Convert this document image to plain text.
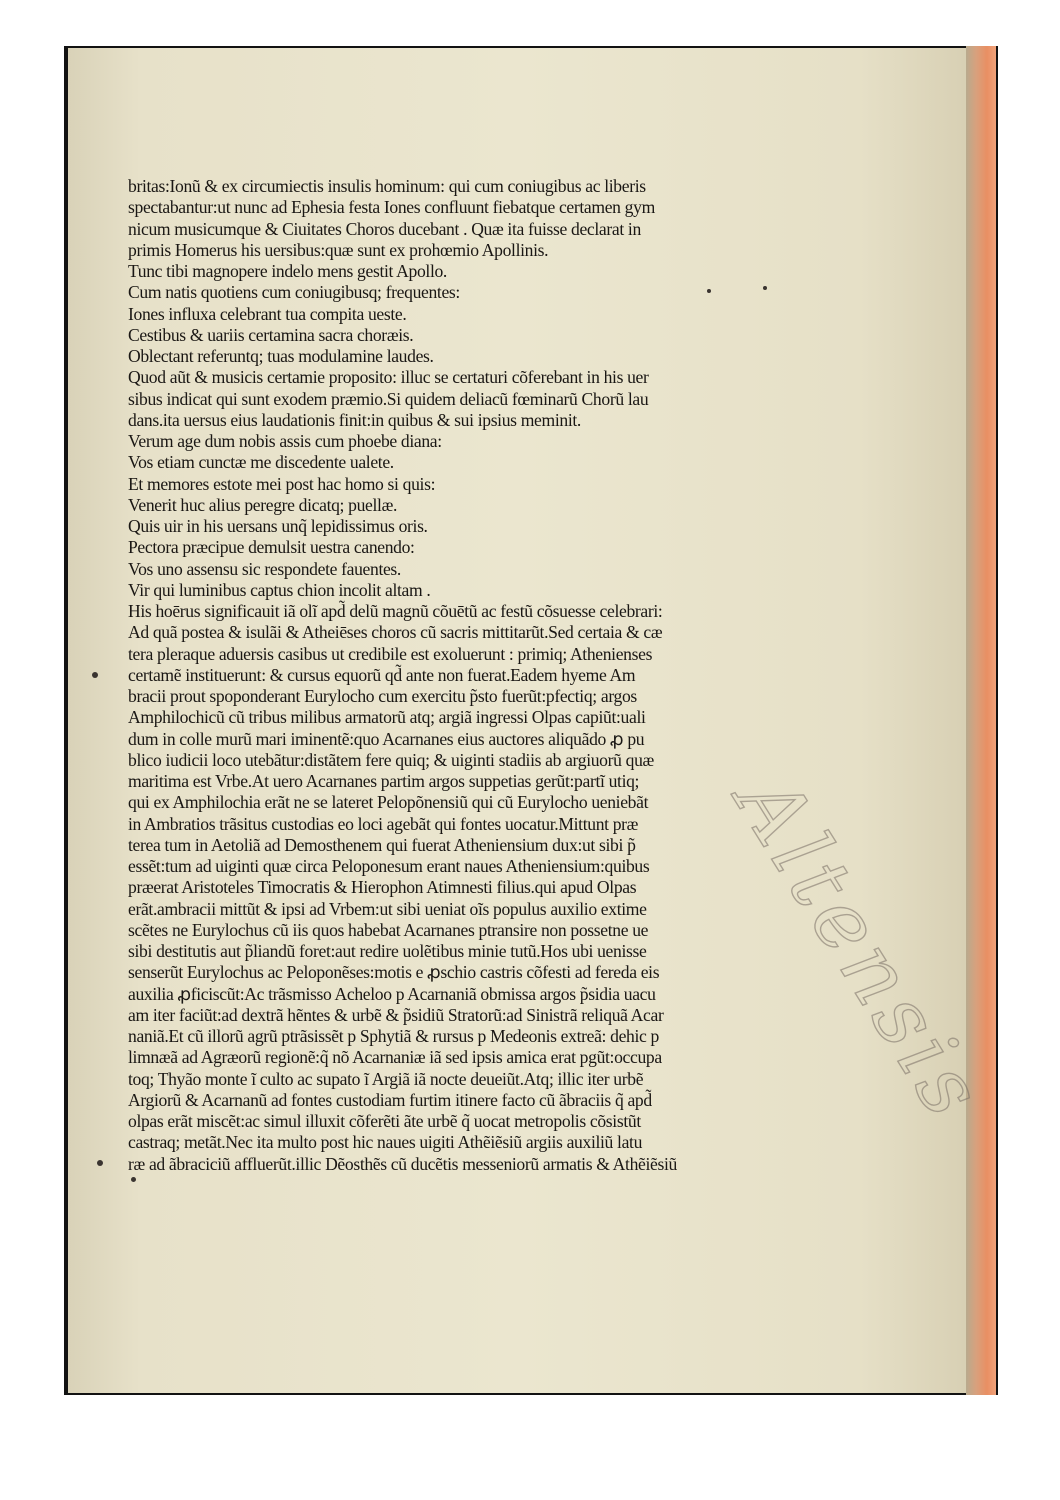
britas:Ionũ & ex circumiectis insulis hominum: qui cum coniugibus ac liberis
spectabantur:ut nunc ad Ephesia festa Iones confluunt fiebatque certamen gym
nicum musicumque & Ciuitates Choros ducebant . Quæ ita fuisse declarat in
primis Homerus his uersibus:quæ sunt ex prohœmio Apollinis.
Tunc tibi magnopere indelo mens gestit Apollo.
Cum natis quotiens cum coniugibusq; frequentes:
Iones influxa celebrant tua compita ueste.
Cestibus & uariis certamina sacra choræis.
Oblectant referuntq; tuas modulamine laudes.
Quod aũt & musicis certamie proposito: illuc se certaturi cõferebant in his uer
sibus indicat qui sunt exodem præmio.Si quidem deliacũ fœminarũ Chorũ lau
dans.ita uersus eius laudationis finit:in quibus & sui ipsius meminit.
Verum age dum nobis assis cum phoebe diana:
Vos etiam cunctæ me discedente ualete.
Et memores estote mei post hac homo si quis:
Venerit huc alius peregre dicatq; puellæ.
Quis uir in his uersans unq̃ lepidissimus oris.
Pectora præcipue demulsit uestra canendo:
Vos uno assensu sic respondete fauentes.
Vir qui luminibus captus chion incolit altam .
His hoērus significauit iã olĩ apd̃ delũ magnũ cõuētũ ac festũ cõsuesse celebrari:
Ad quã postea & isulãi & Atheiēses choros cũ sacris mittitarũt.Sed certaia & cæ
tera pleraque aduersis casibus ut credibile est exoluerunt : primiq; Athenienses
certamẽ instituerunt: & cursus equorũ qd̃ ante non fuerat.Eadem hyeme Am
bracii prout spoponderant Eurylocho cum exercitu p̃sto fuerũt:pfectiq; argos
Amphilochicũ cũ tribus milibus armatorũ atq; argiã ingressi Olpas capiũt:uali
dum in colle murũ mari iminentẽ:quo Acarnanes eius auctores aliquãdo ꝓ pu
blico iudicii loco utebãtur:distãtem fere quiq; & uiginti stadiis ab argiuorũ quæ
maritima est Vrbe.At uero Acarnanes partim argos suppetias gerũt:partĩ utiq;
qui ex Amphilochia erãt ne se lateret Pelopõnensiũ qui cũ Eurylocho ueniebãt
in Ambratios trãsitus custodias eo loci agebãt qui fontes uocatur.Mittunt præ
terea tum in Aetoliã ad Demosthenem qui fuerat Atheniensium dux:ut sibi p̃
essẽt:tum ad uiginti quæ circa Peloponesum erant naues Atheniensium:quibus
præerat Aristoteles Timocratis & Hierophon Atimnesti filius.qui apud Olpas
erãt.ambracii mittũt & ipsi ad Vrbem:ut sibi ueniat oĩs populus auxilio extime
scẽtes ne Eurylochus cũ iis quos habebat Acarnanes ptransire non possetne ue
sibi destitutis aut p̃liandũ foret:aut redire uolẽtibus minie tutũ.Hos ubi uenisse
senserũt Eurylochus ac Peloponẽses:motis e ꝓschio castris cõfesti ad fereda eis
auxilia ꝓficiscũt:Ac trãsmisso Acheloo p Acarnaniã obmissa argos p̃sidia uacu
am iter faciũt:ad dextrã hẽntes & urbẽ & p̃sidiũ Stratorũ:ad Sinistrã reliquã Acar
naniã.Et cũ illorũ agrũ ptrãsissẽt p Sphytiã & rursus p Medeonis extreã: dehic p
limnæã ad Agræorũ regionẽ:q̃ nõ Acarnaniæ iã sed ipsis amica erat pgũt:occupa
toq; Thyão monte ĩ culto ac supato ĩ Argiã iã nocte deueiũt.Atq; illic iter urbẽ
Argiorũ & Acarnanũ ad fontes custodiam furtim itinere facto cũ ãbraciis q̃ apd̃
olpas erãt miscẽt:ac simul illuxit cõferẽti ãte urbẽ q̃ uocat metropolis cõsistũt
castraq; metãt.Nec ita multo post hic naues uigiti Athẽiẽsiũ argiis auxiliũ latu
ræ ad ãbraciciũ affluerũt.illic Dẽosthẽs cũ ducẽtis messeniorũ armatis & Athẽiẽsiũ
